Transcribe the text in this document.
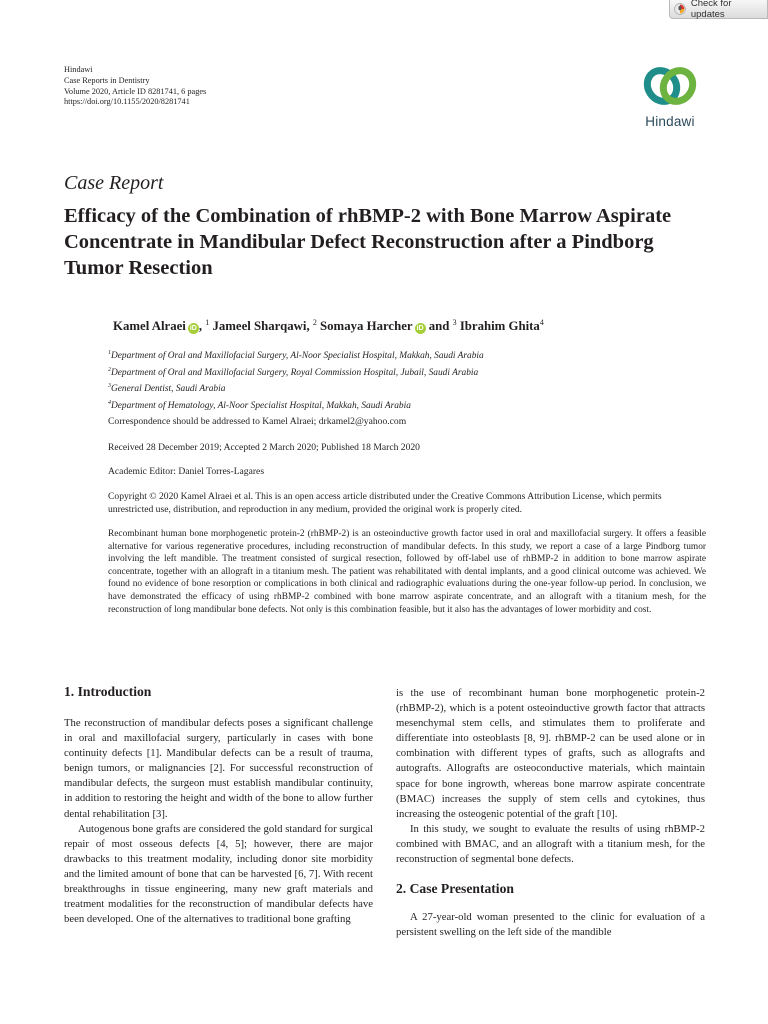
Check for updates
Hindawi
Case Reports in Dentistry
Volume 2020, Article ID 8281741, 6 pages
https://doi.org/10.1155/2020/8281741
Hindawi
Case Report
Efficacy of the Combination of rhBMP-2 with Bone Marrow Aspirate Concentrate in Mandibular Defect Reconstruction after a Pindborg Tumor Resection
Kamel Alraei iD , $^1$ Jameel Sharqawi, $^2$ Somaya Harcher iD and $^3$ Ibrahim Ghita$^4$
$^1$Department of Oral and Maxillofacial Surgery, Al-Noor Specialist Hospital, Makkah, Saudi Arabia
$^2$Department of Oral and Maxillofacial Surgery, Royal Commission Hospital, Jubail, Saudi Arabia
$^3$General Dentist, Saudi Arabia
$^4$Department of Hematology, Al-Noor Specialist Hospital, Makkah, Saudi Arabia
Correspondence should be addressed to Kamel Alraei; drkamel2@yahoo.com
Received 28 December 2019; Accepted 2 March 2020; Published 18 March 2020
Academic Editor: Daniel Torres-Lagares
Copyright © 2020 Kamel Alraei et al. This is an open access article distributed under the Creative Commons Attribution License, which permits unrestricted use, distribution, and reproduction in any medium, provided the original work is properly cited.
Recombinant human bone morphogenetic protein-2 (rhBMP-2) is an osteoinductive growth factor used in oral and maxillofacial surgery. It offers a feasible alternative for various regenerative procedures, including reconstruction of mandibular defects. In this study, we report a case of a large Pindborg tumor involving the left mandible. The treatment consisted of surgical resection, followed by off-label use of rhBMP-2 in addition to bone marrow aspirate concentrate, together with an allograft in a titanium mesh. The patient was rehabilitated with dental implants, and a good clinical outcome was achieved. We found no evidence of bone resorption or complications in both clinical and radiographic evaluations during the one-year follow-up period. In conclusion, we have demonstrated the efficacy of using rhBMP-2 combined with bone marrow aspirate concentrate, and an allograft with a titanium mesh, for the reconstruction of long mandibular bone defects. Not only is this combination feasible, but it also has the advantages of lower morbidity and cost.
1. Introduction

The reconstruction of mandibular defects poses a significant challenge in oral and maxillofacial surgery, particularly in cases with bone continuity defects [1]. Mandibular defects can be a result of trauma, benign tumors, or malignancies [2]. For successful reconstruction of mandibular defects, the surgeon must establish mandibular continuity, in addition to restoring the height and width of the bone to allow further dental rehabilitation [3].

Autogenous bone grafts are considered the gold standard for surgical repair of most osseous defects [4, 5]; however, there are major drawbacks to this treatment modality, including donor site morbidity and the limited amount of bone that can be harvested [6, 7]. With recent breakthroughs in tissue engineering, many new graft materials and treatment modalities for the reconstruction of mandibular defects have been developed. One of the alternatives to traditional bone grafting

is the use of recombinant human bone morphogenetic protein-2 (rhBMP-2), which is a potent osteoinductive growth factor that attracts mesenchymal stem cells, and stimulates them to proliferate and differentiate into osteoblasts [8, 9]. rhBMP-2 can be used alone or in combination with different types of grafts, such as allografts and autografts. Allografts are osteoconductive materials, which maintain space for bone ingrowth, whereas bone marrow aspirate concentrate (BMAC) increases the supply of stem cells and cytokines, thus increasing the osteogenic potential of the graft [10].

In this study, we sought to evaluate the results of using rhBMP-2 combined with BMAC, and an allograft with a titanium mesh, for the reconstruction of segmental bone defects.

2. Case Presentation

A 27-year-old woman presented to the clinic for evaluation of a persistent swelling on the left side of the mandible
